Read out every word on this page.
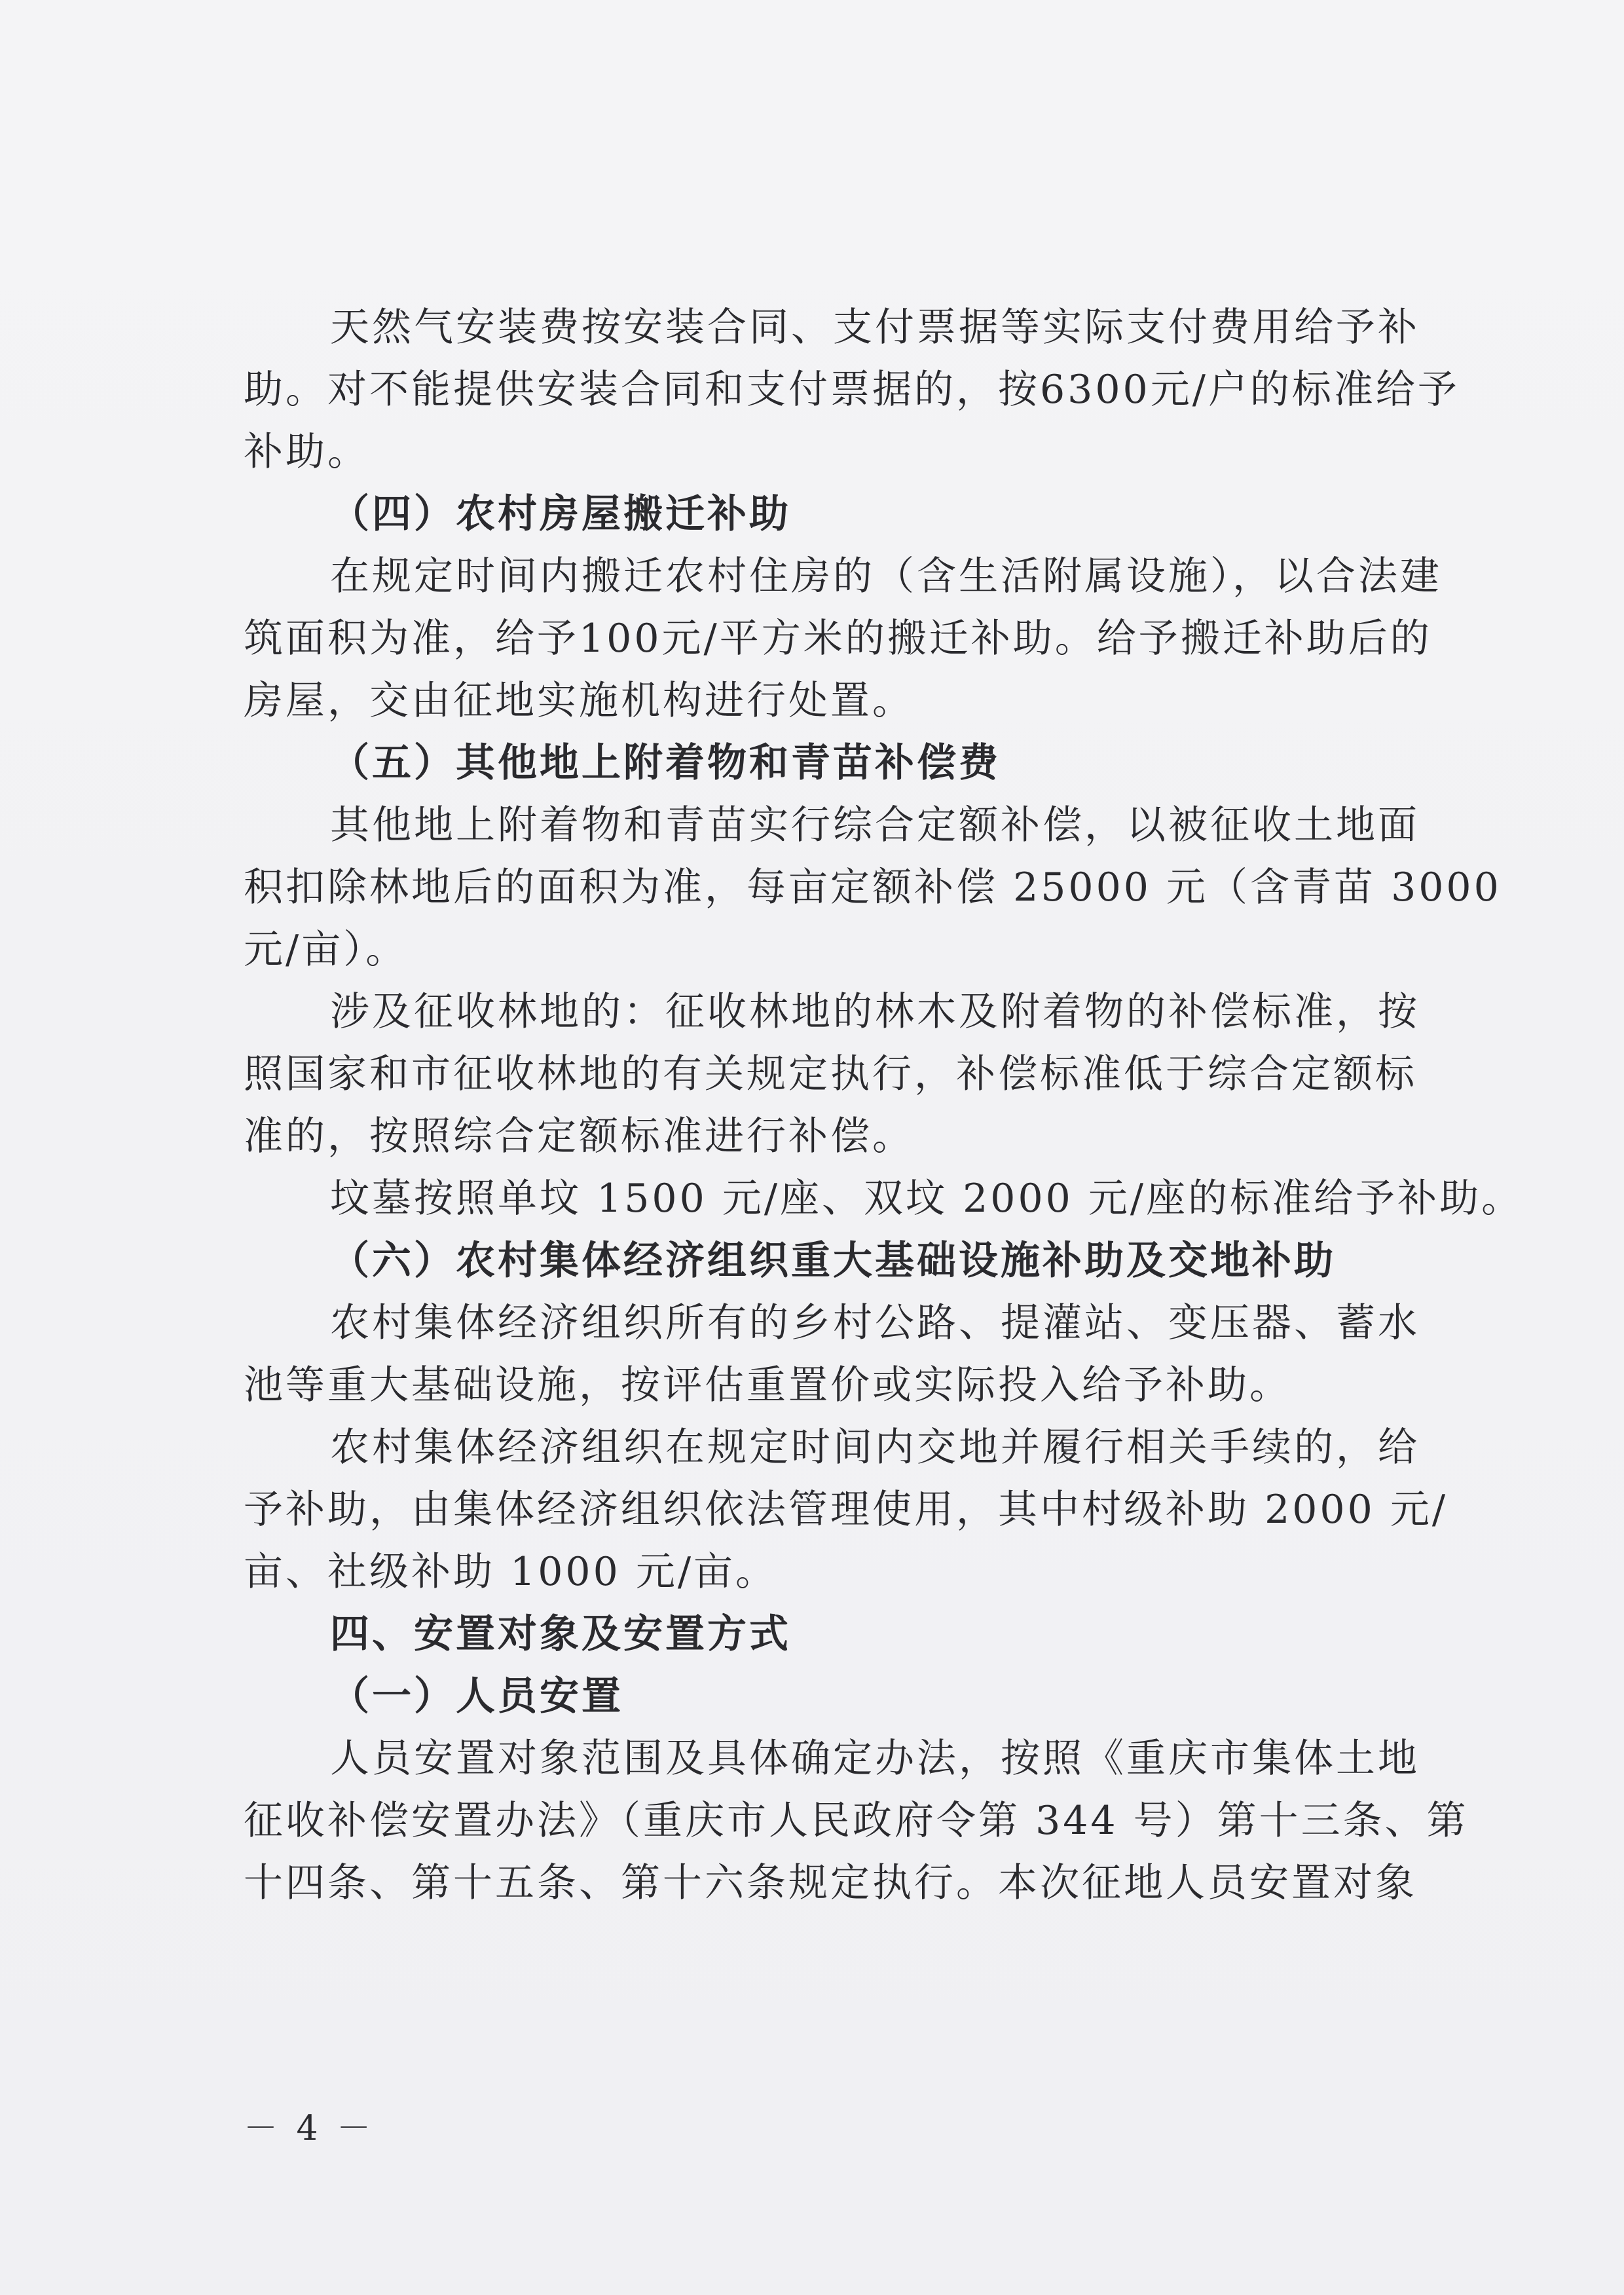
天然气安装费按安装合同、支付票据等实际支付费用给予补
助。对不能提供安装合同和支付票据的，按6300元/户的标准给予
补助。
（四）农村房屋搬迁补助
在规定时间内搬迁农村住房的（含生活附属设施），以合法建
筑面积为准，给予100元/平方米的搬迁补助。给予搬迁补助后的
房屋，交由征地实施机构进行处置。
（五）其他地上附着物和青苗补偿费
其他地上附着物和青苗实行综合定额补偿，以被征收土地面
积扣除林地后的面积为准，每亩定额补偿 25000 元（含青苗 3000
元/亩）。
涉及征收林地的：征收林地的林木及附着物的补偿标准，按
照国家和市征收林地的有关规定执行，补偿标准低于综合定额标
准的，按照综合定额标准进行补偿。
坟墓按照单坟 1500 元/座、双坟 2000 元/座的标准给予补助。
（六）农村集体经济组织重大基础设施补助及交地补助
农村集体经济组织所有的乡村公路、提灌站、变压器、蓄水
池等重大基础设施，按评估重置价或实际投入给予补助。
农村集体经济组织在规定时间内交地并履行相关手续的，给
予补助，由集体经济组织依法管理使用，其中村级补助 2000 元/
亩、社级补助 1000 元/亩。
四、安置对象及安置方式
（一）人员安置
人员安置对象范围及具体确定办法，按照《重庆市集体土地
征收补偿安置办法》（重庆市人民政府令第 344 号）第十三条、第
十四条、第十五条、第十六条规定执行。本次征地人员安置对象
－ 4 －
